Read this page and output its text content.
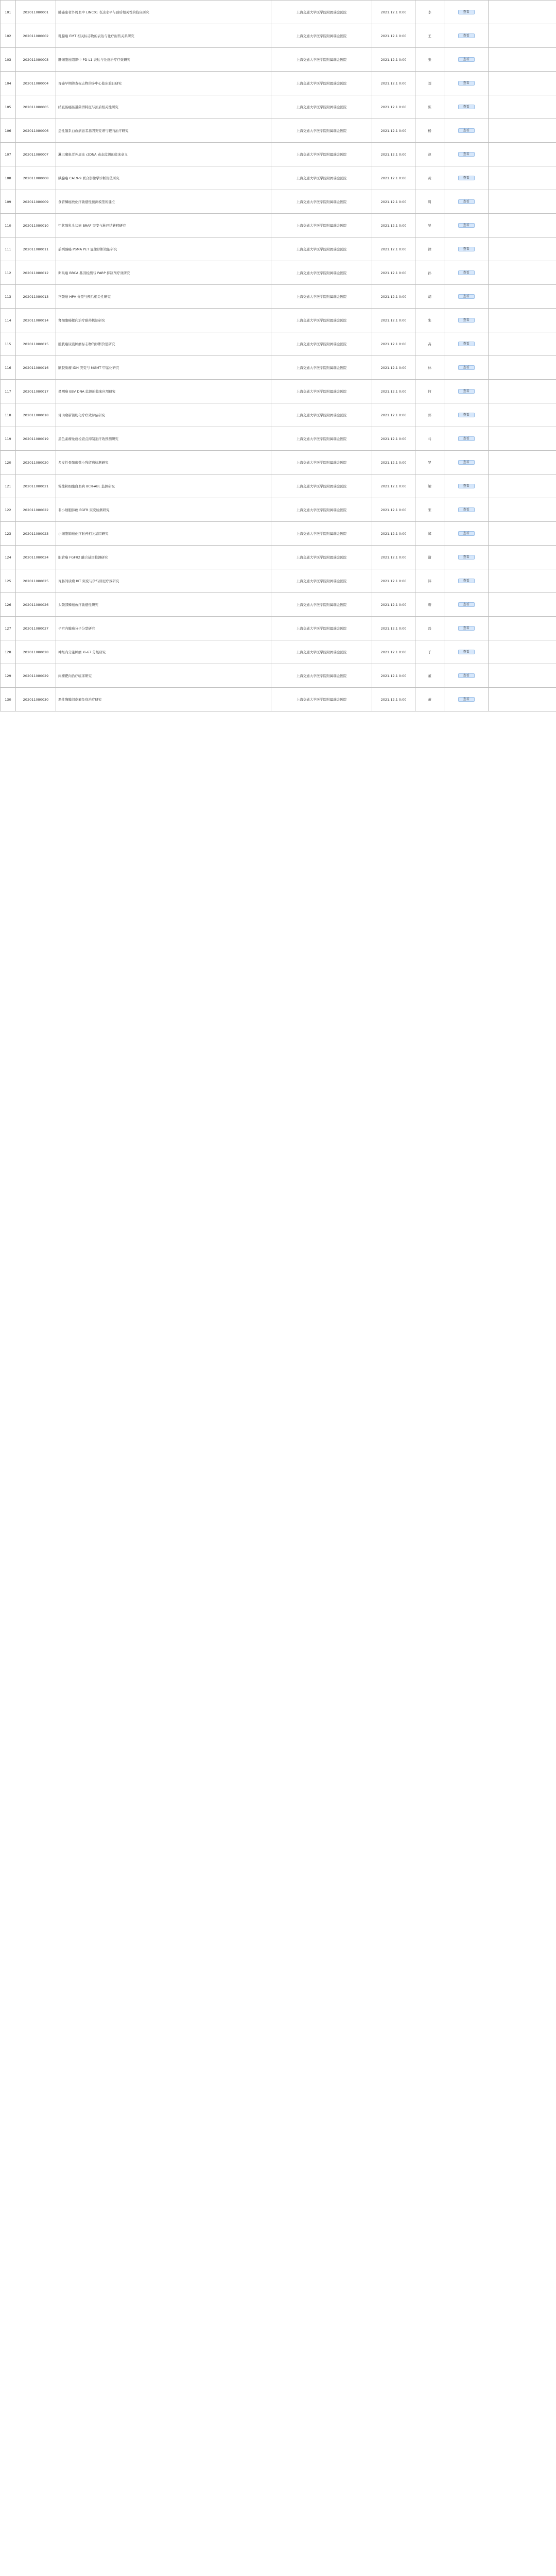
101	202011080001	肺癌患者外周血中 LINC01 表达水平与预后相关性的临床研究	上海交通大学医学院附属瑞金医院	2021.12.1 0:00	李	查看	
102	202011080002	乳腺癌 EMT 相关标志物的表达与化疗耐药关系研究	上海交通大学医学院附属瑞金医院	2021.12.1 0:00	王	查看	
103	202011080003	肝细胞癌组织中 PD-L1 表达与免疫治疗疗效研究	上海交通大学医学院附属瑞金医院	2021.12.1 0:00	张	查看	
104	202011080004	胃癌早期筛查标志物的多中心临床验证研究	上海交通大学医学院附属瑞金医院	2021.12.1 0:00	刘	查看	
105	202011080005	结直肠癌肠道菌群特征与预后相关性研究	上海交通大学医学院附属瑞金医院	2021.12.1 0:00	陈	查看	
106	202011080006	急性髓系白血病患者基因突变谱与靶向治疗研究	上海交通大学医学院附属瑞金医院	2021.12.1 0:00	杨	查看	
107	202011080007	淋巴瘤患者外周血 ctDNA 动态监测的临床意义	上海交通大学医学院附属瑞金医院	2021.12.1 0:00	赵	查看	
108	202011080008	胰腺癌 CA19-9 联合影像学诊断价值研究	上海交通大学医学院附属瑞金医院	2021.12.1 0:00	黄	查看	
109	202011080009	食管鳞癌放化疗敏感性预测模型的建立	上海交通大学医学院附属瑞金医院	2021.12.1 0:00	周	查看	
110	202011080010	甲状腺乳头状癌 BRAF 突变与淋巴结转移研究	上海交通大学医学院附属瑞金医院	2021.12.1 0:00	吴	查看	
111	202011080011	前列腺癌 PSMA PET 显像诊断效能研究	上海交通大学医学院附属瑞金医院	2021.12.1 0:00	徐	查看	
112	202011080012	卵巢癌 BRCA 基因检测与 PARP 抑制剂疗效研究	上海交通大学医学院附属瑞金医院	2021.12.1 0:00	孙	查看	
113	202011080013	宫颈癌 HPV 分型与预后相关性研究	上海交通大学医学院附属瑞金医院	2021.12.1 0:00	胡	查看	
114	202011080014	肾细胞癌靶向治疗耐药机制研究	上海交通大学医学院附属瑞金医院	2021.12.1 0:00	朱	查看	
115	202011080015	膀胱癌尿液肿瘤标志物的诊断价值研究	上海交通大学医学院附属瑞金医院	2021.12.1 0:00	高	查看	
116	202011080016	脑胶质瘤 IDH 突变与 MGMT 甲基化研究	上海交通大学医学院附属瑞金医院	2021.12.1 0:00	林	查看	
117	202011080017	鼻咽癌 EBV DNA 监测的临床应用研究	上海交通大学医学院附属瑞金医院	2021.12.1 0:00	何	查看	
118	202011080018	骨肉瘤新辅助化疗疗效评估研究	上海交通大学医学院附属瑞金医院	2021.12.1 0:00	郭	查看	
119	202011080019	黑色素瘤免疫检查点抑制剂疗效预测研究	上海交通大学医学院附属瑞金医院	2021.12.1 0:00	马	查看	
120	202011080020	多发性骨髓瘤微小残留病检测研究	上海交通大学医学院附属瑞金医院	2021.12.1 0:00	罗	查看	
121	202011080021	慢性粒细胞白血病 BCR-ABL 监测研究	上海交通大学医学院附属瑞金医院	2021.12.1 0:00	梁	查看	
122	202011080022	非小细胞肺癌 EGFR 突变检测研究	上海交通大学医学院附属瑞金医院	2021.12.1 0:00	宋	查看	
123	202011080023	小细胞肺癌化疗耐药相关基因研究	上海交通大学医学院附属瑞金医院	2021.12.1 0:00	郑	查看	
124	202011080024	胆管癌 FGFR2 融合基因检测研究	上海交通大学医学院附属瑞金医院	2021.12.1 0:00	谢	查看	
125	202011080025	胃肠间质瘤 KIT 突变与伊马替尼疗效研究	上海交通大学医学院附属瑞金医院	2021.12.1 0:00	韩	查看	
126	202011080026	头颈部鳞癌放疗敏感性研究	上海交通大学医学院附属瑞金医院	2021.12.1 0:00	唐	查看	
127	202011080027	子宫内膜癌分子分型研究	上海交通大学医学院附属瑞金医院	2021.12.1 0:00	冯	查看	
128	202011080028	神经内分泌肿瘤 Ki-67 分级研究	上海交通大学医学院附属瑞金医院	2021.12.1 0:00	于	查看	
129	202011080029	肉瘤靶向治疗临床研究	上海交通大学医学院附属瑞金医院	2021.12.1 0:00	董	查看	
130	202011080030	恶性胸膜间皮瘤免疫治疗研究	上海交通大学医学院附属瑞金医院	2021.12.1 0:00	萧	查看	
